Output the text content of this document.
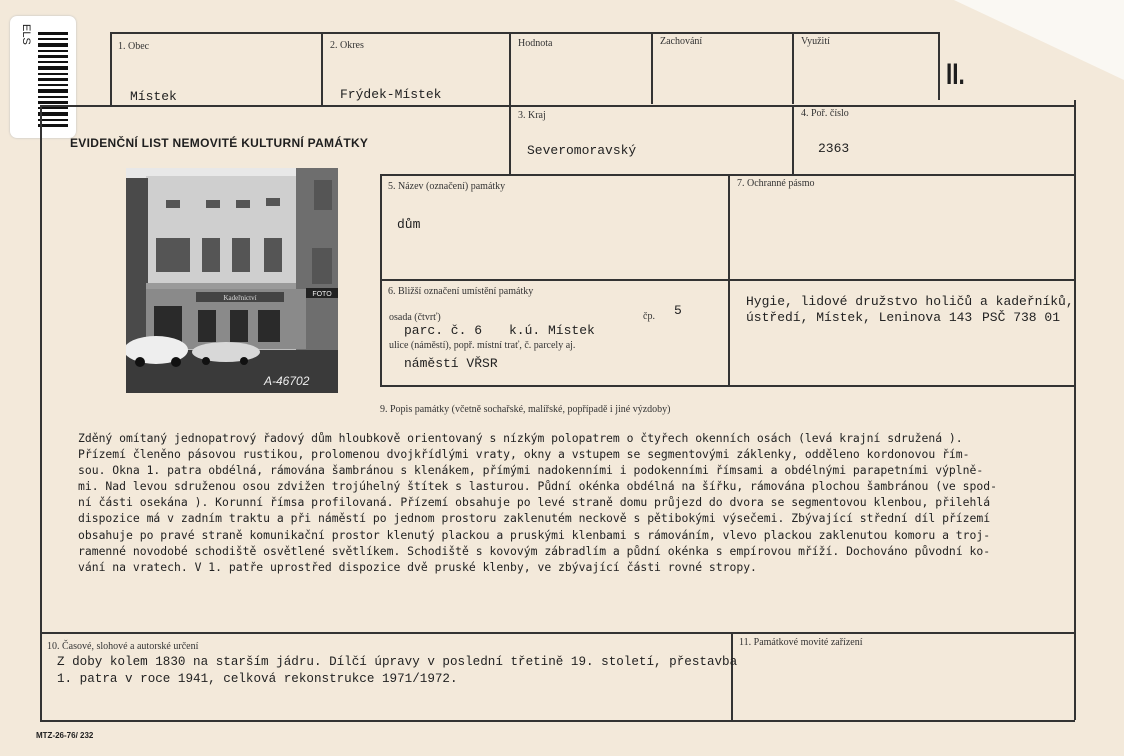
ELS
1. Obec
Místek
2. Okres
Frýdek-Místek
Hodnota	Zachování	Využití
II.
EVIDENČNÍ LIST NEMOVITÉ KULTURNÍ PAMÁTKY
3. Kraj
Severomoravský
4. Poř. číslo
2363
Kadeřnictví	FOTO
A-46702
5. Název (označení) památky
dům
7. Ochranné pásmo
6. Bližší označení umístění památky
osada (čtvrť)	čp. 5
parc. č. 6 k.ú. Místek
ulice (náměstí), popř. místní trať, č. parcely aj.
náměstí VŘSR
Hygie, lidové družstvo holičů a kadeřníků,
ústředí, Místek, Leninova 143 PSČ 738 01
9. Popis památky (včetně sochařské, malířské, popřípadě i jiné výzdoby)
Zděný omítaný jednopatrový řadový dům hloubkově orientovaný s nízkým polopatrem o čtyřech okenních osách (levá krajní sdružená ).
Přízemí členěno pásovou rustikou, prolomenou dvojkřídlými vraty, okny a vstupem se segmentovými záklenky, odděleno kordonovou řím-
sou. Okna 1. patra obdélná, rámována šambránou s klenákem, přímými nadokenními i podokenními římsami a obdélnými parapetními výplně-
mi. Nad levou sdruženou osou zdvižen trojúhelný štítek s lasturou. Půdní okénka obdélná na šířku, rámována plochou šambránou (ve spod-
ní části osekána ). Korunní římsa profilovaná. Přízemí obsahuje po levé straně domu průjezd do dvora se segmentovou klenbou, přilehlá
dispozice má v zadním traktu a při náměstí po jednom prostoru zaklenutém neckově s pětibokými výsečemi. Zbývající střední díl přízemí
obsahuje po pravé straně komunikační prostor klenutý plackou a pruskými klenbami s rámováním, vlevo plackou zaklenutou komoru a troj-
ramenné novodobé schodiště osvětlené světlíkem. Schodiště s kovovým zábradlím a půdní okénka s empírovou mříží. Dochováno původní ko-
vání na vratech. V 1. patře uprostřed dispozice dvě pruské klenby, ve zbývající části rovné stropy.
10. Časové, slohové a autorské určení
Z doby kolem 1830 na starším jádru. Dílčí úpravy v poslední třetině 19. století, přestavba
1. patra v roce 1941, celková rekonstrukce 1971/1972.
11. Památkové movité zařízení
MTZ-26-76/ 232
